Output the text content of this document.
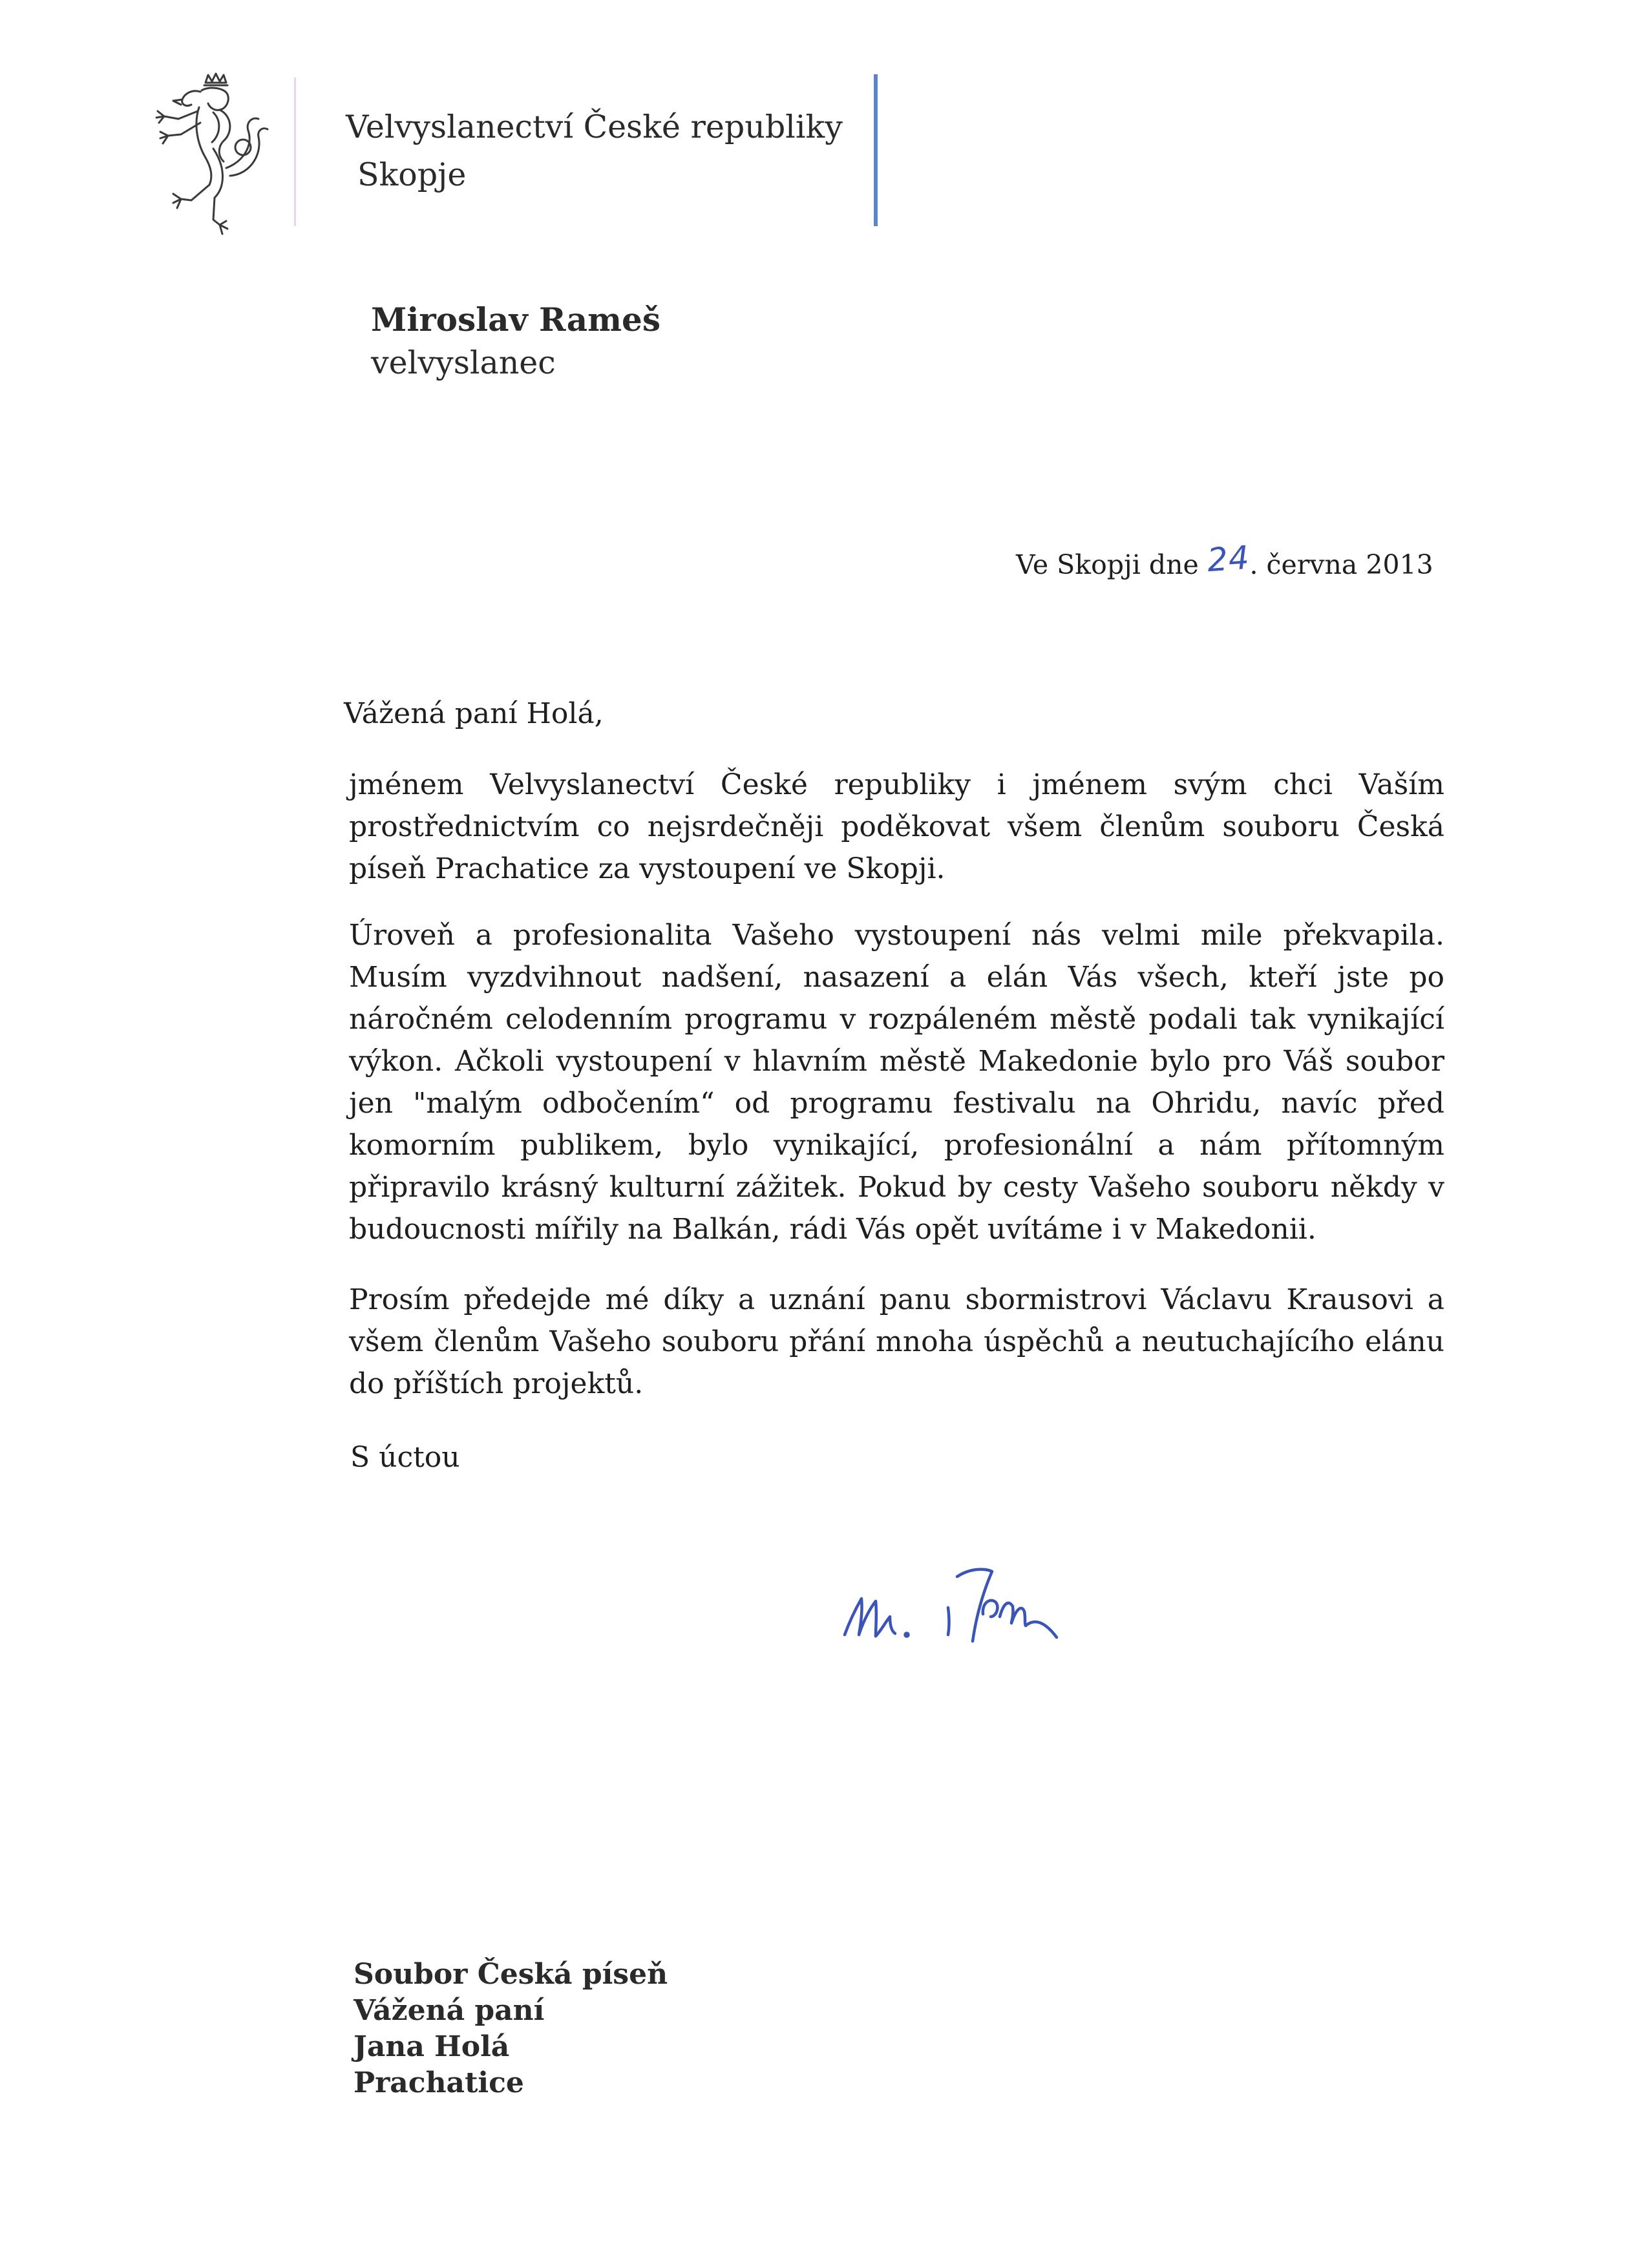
Velvyslanectví České republiky
Skopje
Miroslav Rameš
velvyslanec
Ve Skopji dne 24. června 2013
Vážená paní Holá,

jménem Velvyslanectví České republiky i jménem svým chci Vaším prostřednictvím co nejsrdečněji poděkovat všem členům souboru Česká píseň Prachatice za vystoupení ve Skopji.

Úroveň a profesionalita Vašeho vystoupení nás velmi mile překvapila. Musím vyzdvihnout nadšení, nasazení a elán Vás všech, kteří jste po náročném celodenním programu v rozpáleném městě podali tak vynikající výkon. Ačkoli vystoupení v hlavním městě Makedonie bylo pro Váš soubor jen "malým odbočením“ od programu festivalu na Ohridu, navíc před komorním publikem, bylo vynikající, profesionální a nám přítomným připravilo krásný kulturní zážitek. Pokud by cesty Vašeho souboru někdy v budoucnosti mířily na Balkán, rádi Vás opět uvítáme i v Makedonii.

Prosím předejde mé díky a uznání panu sbormistrovi Václavu Krausovi a všem členům Vašeho souboru přání mnoha úspěchů a neutuchajícího elánu do příštích projektů.

S úctou
Soubor Česká píseň
Vážená paní
Jana Holá
Prachatice
